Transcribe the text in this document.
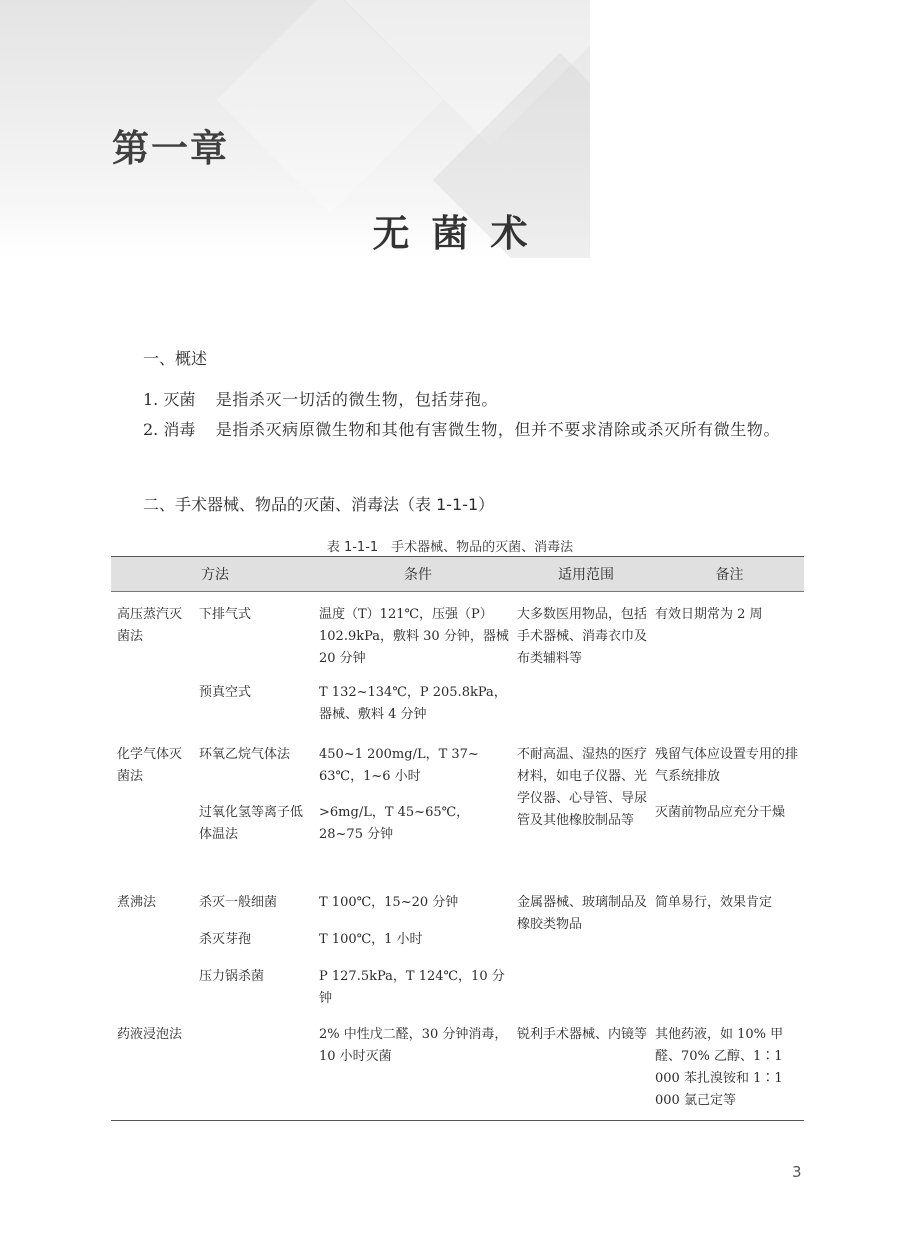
第一章
无菌术
一、概述
1. 灭菌 是指杀灭一切活的微生物，包括芽孢。
2. 消毒 是指杀灭病原微生物和其他有害微生物，但并不要求清除或杀灭所有微生物。
二、手术器械、物品的灭菌、消毒法（表 1-1-1）
表 1-1-1　手术器械、物品的灭菌、消毒法
方法		条件	适用范围	备注
高压蒸汽灭菌法	下排气式	温度（T）121℃，压强（P）102.9kPa，敷料 30 分钟，器械 20 分钟	大多数医用物品，包括手术器械、消毒衣巾及布类辅料等	有效日期常为 2 周
	预真空式	T 132~134℃，P 205.8kPa，器械、敷料 4 分钟		
化学气体灭菌法	环氧乙烷气体法	450~1 200mg/L，T 37~ 63℃，1~6 小时	不耐高温、湿热的医疗材料，如电子仪器、光学仪器、心导管、导尿管及其他橡胶制品等	残留气体应设置专用的排气系统排放
	过氧化氢等离子低体温法	>6mg/L，T 45~65℃，28~75 分钟		灭菌前物品应充分干燥
煮沸法	杀灭一般细菌	T 100℃，15~20 分钟	金属器械、玻璃制品及橡胶类物品	简单易行，效果肯定
	杀灭芽孢	T 100℃，1 小时		
	压力锅杀菌	P 127.5kPa，T 124℃，10 分钟		
药液浸泡法		2% 中性戊二醛，30 分钟消毒，10 小时灭菌	锐利手术器械、内镜等	其他药液，如 10% 甲醛、70% 乙醇、1∶1 000 苯扎溴铵和 1∶1 000 氯己定等
3
